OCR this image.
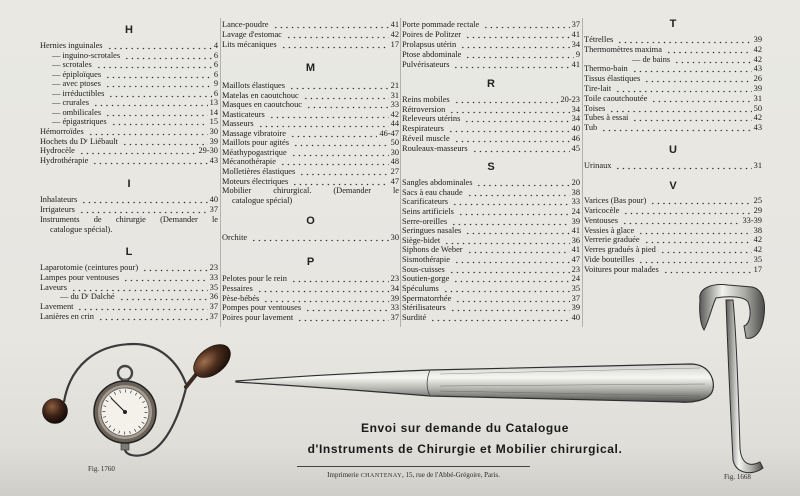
H
Hernies inguinales	4
— inguino-scrotales	6
— scrotales	6
— épiploïques	6
— avec ptoses	9
— irréductibles	6
— crurales	13
— ombilicales	14
— épigastriques	15
Hémorroïdes	30
Hochets du Dʳ Liébault	39
Hydrocèle	29-30
Hydrothérapie	43
I
Inhalateurs	40
Irrigateurs	37
Instruments de chirurgie (Demander le
catalogue spécial).
L
Laparotomie (ceintures pour)	23
Lampes pour ventouses	33
Laveurs	35
— du Dʳ Dalché	36
Lavement	37
Lanières en crin	37
Lance-poudre	41
Lavage d'estomac	42
Lits mécaniques	17
M
Maillots élastiques	21
Matelas en caoutchouc	31
Masques en caoutchouc	33
Masticateurs	42
Masseurs	44
Massage vibratoire	46-47
Maillots pour agités	50
Méathypogastrique	30
Mécanothérapie	48
Molletières élastiques	27
Moteurs électriques	47
Mobilier chirurgical. (Demander le
catalogue spécial)
O
Orchite	30
P
Pelotes pour le rein	23
Pessaires	34
Pèse-bébés	39
Pompes pour ventouses	33
Poires pour lavement	37
Porte pommade rectale	37
Poires de Politzer	41
Prolapsus utérin	34
Ptose abdominale	9
Pulvérisateurs	41
R
Reins mobiles	20-23
Rétroversion	34
Releveurs utérins	34
Respirateurs	40
Réveil muscle	46
Rouleaux-masseurs	45
S
Sangles abdominales	20
Sacs à eau chaude	38
Scarificateurs	33
Seins artificiels	24
Serre-oreilles	39
Seringues nasales	41
Siège-bidet	36
Siphons de Weber	41
Sismothérapie	47
Sous-cuisses	23
Soutien-gorge	24
Spéculums	35
Spermatorrhée	37
Stérilisateurs	39
Surdité	40
T
Tétrelles	39
Thermomètres maxima	42
— de bains	42
Thermo-bain	43
Tissus élastiques	26
Tire-lait	39
Toile caoutchoutée	31
Toises	50
Tubes à essai	42
Tub	43
U
Urinaux	31
V
Varices (Bas pour)	25
Varicocèle	29
Ventouses	33-39
Vessies à glace	38
Verrerie graduée	42
Verres gradués à pied	42
Vide bouteilles	35
Voitures pour malades	17
Envoi sur demande du Catalogue
d'Instruments de Chirurgie et Mobilier chirurgical.
Fig. 1760
Fig. 1668
Imprimerie CHANTENAY, 15, rue de l'Abbé-Grégoire, Paris.
